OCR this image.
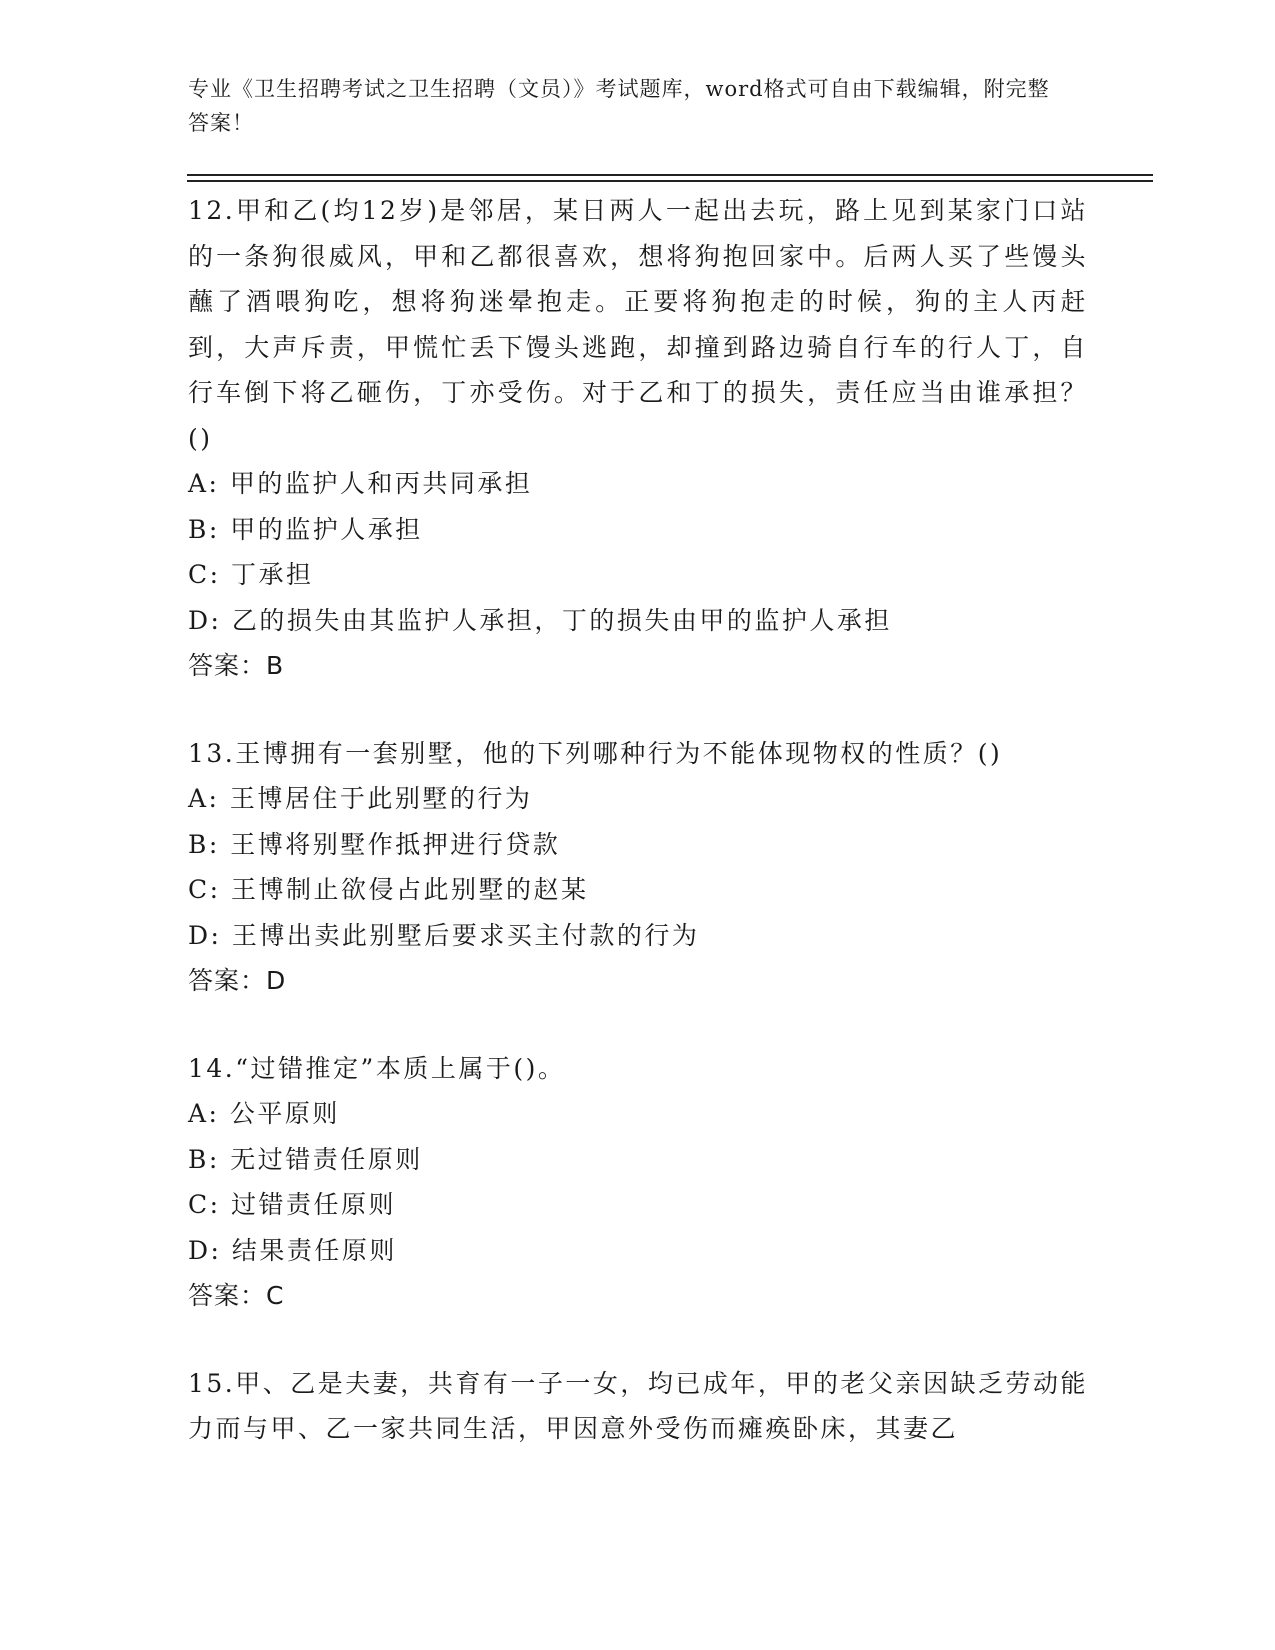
专业《卫生招聘考试之卫生招聘（文员）》考试题库，word格式可自由下载编辑，附完整答案！

12.甲和乙(均12岁)是邻居，某日两人一起出去玩，路上见到某家门口站的一条狗很威风，甲和乙都很喜欢，想将狗抱回家中。后两人买了些馒头蘸了酒喂狗吃，想将狗迷晕抱走。正要将狗抱走的时候，狗的主人丙赶到，大声斥责，甲慌忙丢下馒头逃跑，却撞到路边骑自行车的行人丁，自行车倒下将乙砸伤，丁亦受伤。对于乙和丁的损失，责任应当由谁承担？()

A: 甲的监护人和丙共同承担

B: 甲的监护人承担

C: 丁承担

D: 乙的损失由其监护人承担，丁的损失由甲的监护人承担

答案：B

13.王博拥有一套别墅，他的下列哪种行为不能体现物权的性质？()

A: 王博居住于此别墅的行为

B: 王博将别墅作抵押进行贷款

C: 王博制止欲侵占此别墅的赵某

D: 王博出卖此别墅后要求买主付款的行为

答案：D

14.“过错推定”本质上属于()。

A: 公平原则

B: 无过错责任原则

C: 过错责任原则

D: 结果责任原则

答案：C

15.甲、乙是夫妻，共育有一子一女，均已成年，甲的老父亲因缺乏劳动能力而与甲、乙一家共同生活，甲因意外受伤而瘫痪卧床，其妻乙
